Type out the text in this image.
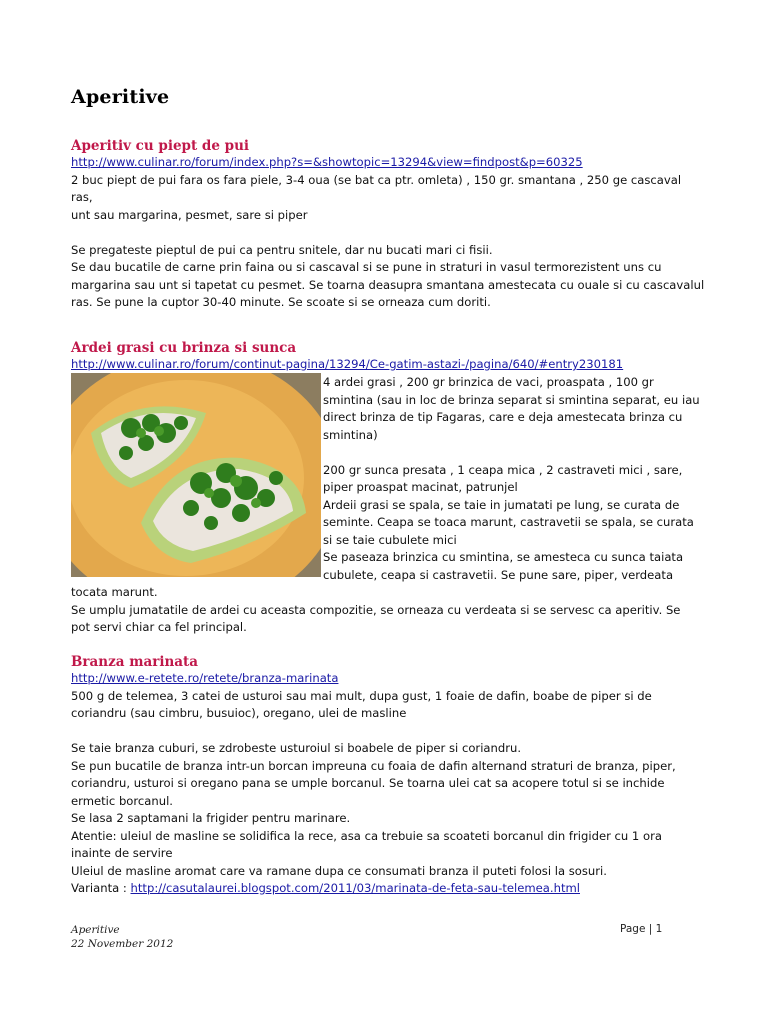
Aperitive
Aperitiv cu piept de pui
http://www.culinar.ro/forum/index.php?s=&showtopic=13294&view=findpost&p=60325
2 buc piept de pui fara os fara piele, 3-4 oua (se bat ca ptr. omleta) , 150 gr. smantana , 250 ge cascaval
ras,
unt sau margarina, pesmet, sare si piper
Se pregateste pieptul de pui ca pentru snitele, dar nu bucati mari ci fisii.
Se dau bucatile de carne prin faina ou si cascaval si se pune in straturi in vasul termorezistent uns cu
margarina sau unt si tapetat cu pesmet. Se toarna deasupra smantana amestecata cu ouale si cu cascavalul
ras. Se pune la cuptor 30-40 minute. Se scoate si se orneaza cum doriti.
Ardei grasi cu brinza si sunca
http://www.culinar.ro/forum/continut-pagina/13294/Ce-gatim-astazi-/pagina/640/#entry230181
4 ardei grasi , 200 gr brinzica de vaci, proaspata , 100 gr
smintina (sau in loc de brinza separat si smintina separat, eu iau
direct brinza de tip Fagaras, care e deja amestecata brinza cu
smintina)
200 gr sunca presata , 1 ceapa mica , 2 castraveti mici , sare,
piper proaspat macinat, patrunjel
Ardeii grasi se spala, se taie in jumatati pe lung, se curata de
seminte. Ceapa se toaca marunt, castravetii se spala, se curata
si se taie cubulete mici
Se paseaza brinzica cu smintina, se amesteca cu sunca taiata
cubulete, ceapa si castravetii. Se pune sare, piper, verdeata
tocata marunt.
Se umplu jumatatile de ardei cu aceasta compozitie, se orneaza cu verdeata si se servesc ca aperitiv. Se
pot servi chiar ca fel principal.
Branza marinata
http://www.e-retete.ro/retete/branza-marinata
500 g de telemea, 3 catei de usturoi sau mai mult, dupa gust, 1 foaie de dafin, boabe de piper si de
coriandru (sau cimbru, busuioc), oregano, ulei de masline
Se taie branza cuburi, se zdrobeste usturoiul si boabele de piper si coriandru.
Se pun bucatile de branza intr-un borcan impreuna cu foaia de dafin alternand straturi de branza, piper,
coriandru, usturoi si oregano pana se umple borcanul. Se toarna ulei cat sa acopere totul si se inchide
ermetic borcanul.
Se lasa 2 saptamani la frigider pentru marinare.
Atentie: uleiul de masline se solidifica la rece, asa ca trebuie sa scoateti borcanul din frigider cu 1 ora
inainte de servire
Uleiul de masline aromat care va ramane dupa ce consumati branza il puteti folosi la sosuri.
Varianta : http://casutalaurei.blogspot.com/2011/03/marinata-de-feta-sau-telemea.html
Aperitive
22 November 2012
Page | 1
